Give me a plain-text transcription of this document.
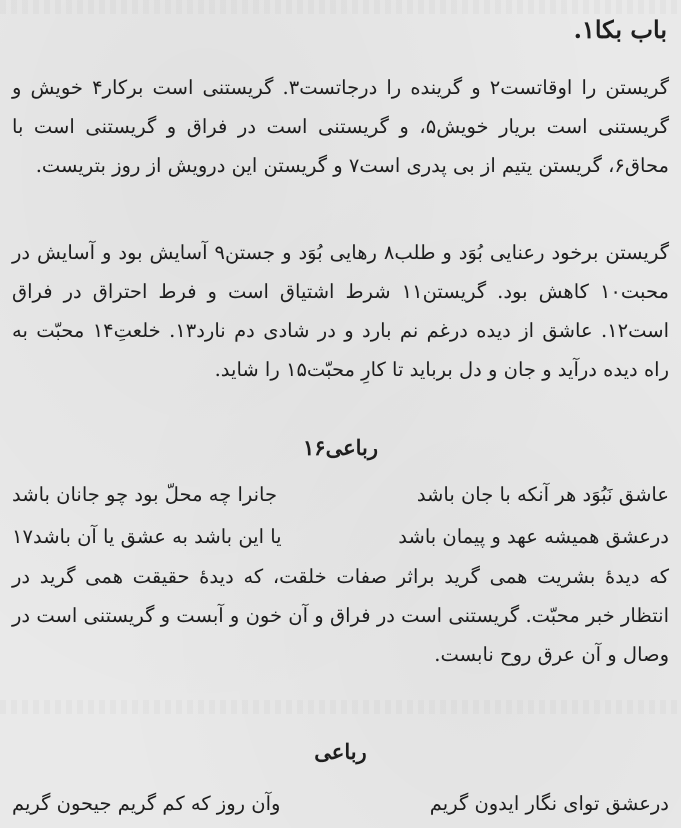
باب بکا۱.

گریستن را اوقاتست۲ و گرینده را درجاتست۳. گریستنی است برکار۴ خویش و گریستنی است بریار خویش۵، و گریستنی است در فراق و گریستنی است با محاق۶، گریستن یتیم از بی پدری است۷ و گریستن این درویش از روز بتریست.

گریستن برخود رعنایی بُوَد و طلب۸ رهایی بُوَد و جستن۹ آسایش بود و آسایش در محبت۱۰ کاهش بود. گریستن۱۱ شرط اشتیاق است و فرط احتراق در فراق است۱۲. عاشق از دیده درغم نم بارد و در شادی دم نارد۱۳. خلعتِ۱۴ محبّت به راه دیده درآید و جان و دل برباید تا کارِ محبّت۱۵ را شاید.

رباعی۱۶
عاشق نَبُوَد هر آنکه با جان باشد
جانرا چه محلّ بود چو جانان باشد
درعشق همیشه عهد و پیمان باشد
یا این باشد به عشق یا آن باشد۱۷

که دیدهٔ بشریت همی گرید براثر صفات خلقت، که دیدهٔ حقیقت همی گرید در انتظار خبر محبّت. گریستنی است در فراق و آن خون و آبست و گریستنی است در وصال و آن عرق روح نابست.

رباعی
درعشق توای نگار ایدون گریم
وآن روز که کم گریم جیحون گریم
